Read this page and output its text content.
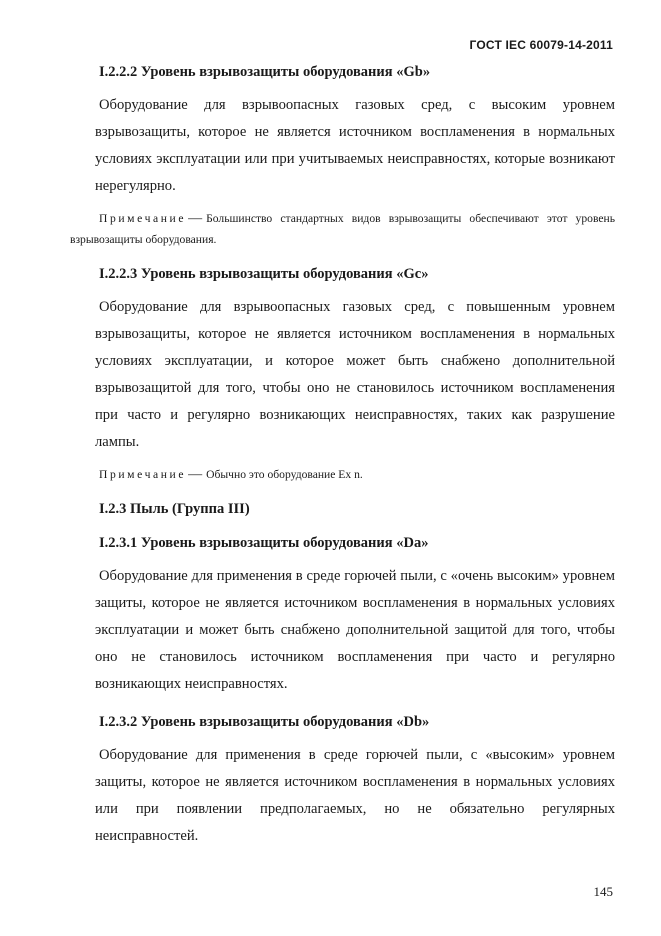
ГОСТ IEC 60079-14-2011
I.2.2.2 Уровень взрывозащиты оборудования «Gb»

Оборудование для взрывоопасных газовых сред, с высоким уровнем взрывозащиты, которое не является источником воспламенения в нормальных условиях эксплуатации или при учитываемых неисправностях, которые возникают нерегулярно.

Примечание — Большинство стандартных видов взрывозащиты обеспечивают этот уровень взрывозащиты оборудования.

I.2.2.3 Уровень взрывозащиты оборудования «Gc»

Оборудование для взрывоопасных газовых сред, с повышенным уровнем взрывозащиты, которое не является источником воспламенения в нормальных условиях эксплуатации, и которое может быть снабжено дополнительной взрывозащитой для того, чтобы оно не становилось источником воспламенения при часто и регулярно возникающих неисправностях, таких как разрушение лампы.

Примечание — Обычно это оборудование Ex n.

I.2.3 Пыль (Группа III)
I.2.3.1 Уровень взрывозащиты оборудования «Da»

Оборудование для применения в среде горючей пыли, с «очень высоким» уровнем защиты, которое не является источником воспламенения в нормальных условиях эксплуатации и может быть снабжено дополнительной защитой для того, чтобы оно не становилось источником воспламенения при часто и регулярно возникающих неисправностях.

I.2.3.2 Уровень взрывозащиты оборудования «Db»

Оборудование для применения в среде горючей пыли, с «высоким» уровнем защиты, которое не является источником воспламенения в нормальных условиях или при появлении предполагаемых, но не обязательно регулярных неисправностей.

145
